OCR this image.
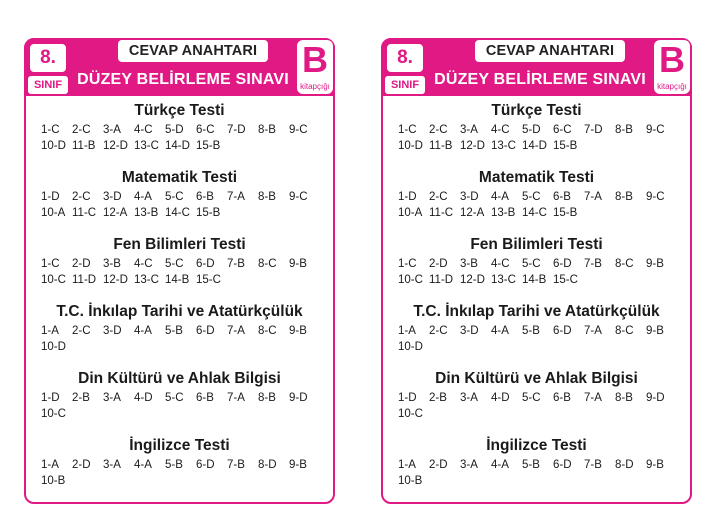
8.
SINIF
CEVAP ANAHTARI
DÜZEY BELİRLEME SINAVI B
kitapçığı
Türkçe Testi
1-C	2-C	3-A	4-C	5-D	6-C	7-D	8-B	9-C
10-D 11-B 12-D 13-C 14-D 15-B
Matematik Testi
1-D	2-C	3-D	4-A	5-C	6-B	7-A	8-B	9-C
10-A 11-C 12-A 13-B 14-C 15-B
Fen Bilimleri Testi
1-C	2-D	3-B	4-C	5-C	6-D	7-B	8-C	9-B
10-C 11-D 12-D 13-C 14-B 15-C
T.C. İnkılap Tarihi ve Atatürkçülük
1-A	2-C	3-D	4-A	5-B	6-D	7-A	8-C	9-B
10-D
Din Kültürü ve Ahlak Bilgisi
1-D	2-B	3-A	4-D	5-C	6-B	7-A	8-B	9-D
10-C
İngilizce Testi
1-A	2-D	3-A	4-A	5-B	6-D	7-B	8-D	9-B
10-B
8.
SINIF
CEVAP ANAHTARI
DÜZEY BELİRLEME SINAVI B
kitapçığı
Türkçe Testi
1-C	2-C	3-A	4-C	5-D	6-C	7-D	8-B	9-C
10-D 11-B 12-D 13-C 14-D 15-B
Matematik Testi
1-D	2-C	3-D	4-A	5-C	6-B	7-A	8-B	9-C
10-A 11-C 12-A 13-B 14-C 15-B
Fen Bilimleri Testi
1-C	2-D	3-B	4-C	5-C	6-D	7-B	8-C	9-B
10-C 11-D 12-D 13-C 14-B 15-C
T.C. İnkılap Tarihi ve Atatürkçülük
1-A	2-C	3-D	4-A	5-B	6-D	7-A	8-C	9-B
10-D
Din Kültürü ve Ahlak Bilgisi
1-D	2-B	3-A	4-D	5-C	6-B	7-A	8-B	9-D
10-C
İngilizce Testi
1-A	2-D	3-A	4-A	5-B	6-D	7-B	8-D	9-B
10-B
